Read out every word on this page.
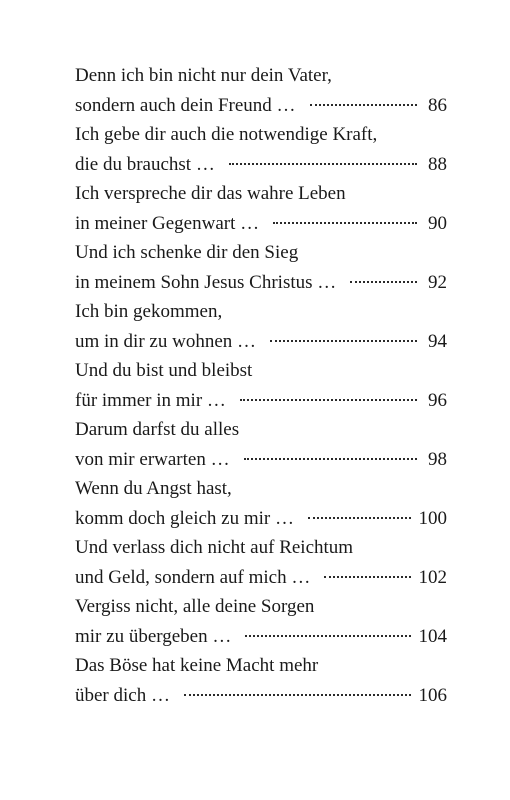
Denn ich bin nicht nur dein Vater,
sondern auch dein Freund …	86
Ich gebe dir auch die notwendige Kraft,
die du brauchst …	88
Ich verspreche dir das wahre Leben
in meiner Gegenwart …	90
Und ich schenke dir den Sieg
in meinem Sohn Jesus Christus …	92
Ich bin gekommen,
um in dir zu wohnen …	94
Und du bist und bleibst
für immer in mir …	96
Darum darfst du alles
von mir erwarten …	98
Wenn du Angst hast,
komm doch gleich zu mir …	100
Und verlass dich nicht auf Reichtum
und Geld, sondern auf mich …	102
Vergiss nicht, alle deine Sorgen
mir zu übergeben …	104
Das Böse hat keine Macht mehr
über dich …	106
